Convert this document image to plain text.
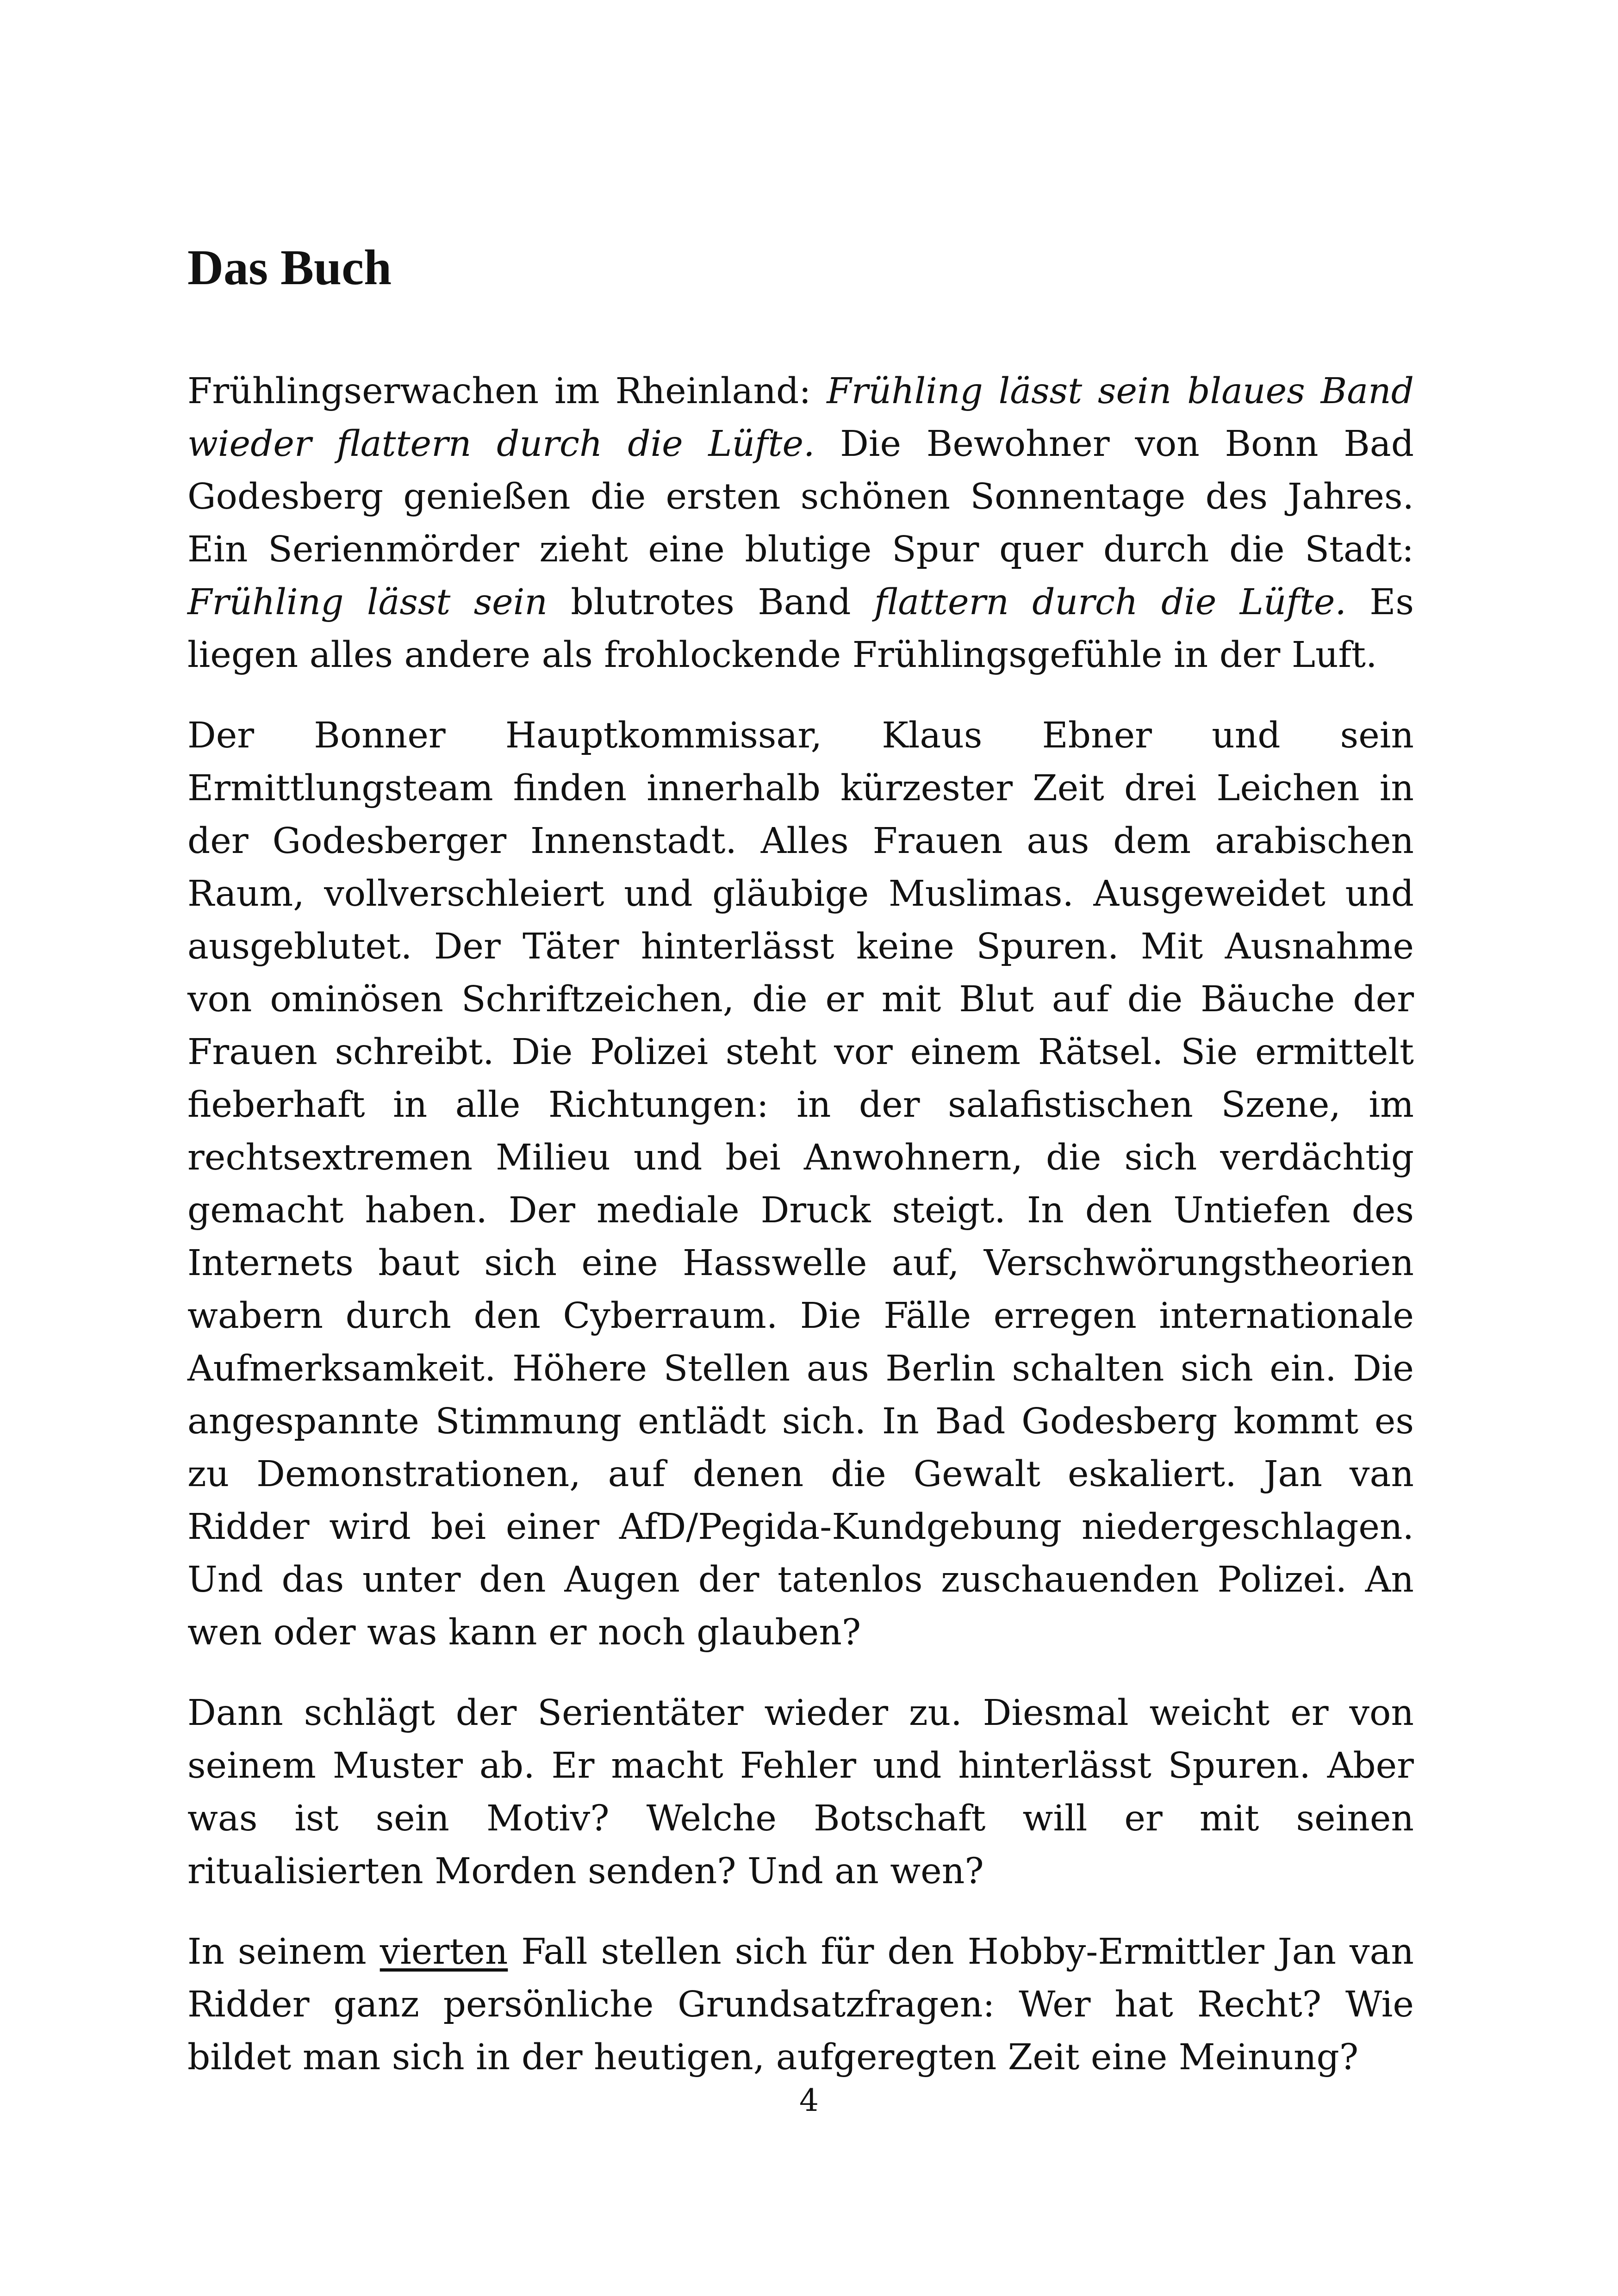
Das Buch

Frühlingserwachen im Rheinland: Frühling lässt sein blaues Band wieder flattern durch die Lüfte. Die Bewohner von Bonn Bad Godesberg genießen die ersten schönen Sonnentage des Jahres. Ein Serienmörder zieht eine blutige Spur quer durch die Stadt: Frühling lässt sein blutrotes Band flattern durch die Lüfte. Es liegen alles andere als frohlockende Frühlingsgefühle in der Luft.

Der Bonner Hauptkommissar, Klaus Ebner und sein Ermittlungsteam finden innerhalb kürzester Zeit drei Leichen in der Godesberger Innenstadt. Alles Frauen aus dem arabischen Raum, vollverschleiert und gläubige Muslimas. Ausgeweidet und ausgeblutet. Der Täter hinterlässt keine Spuren. Mit Ausnahme von ominösen Schriftzeichen, die er mit Blut auf die Bäuche der Frauen schreibt. Die Polizei steht vor einem Rätsel. Sie ermittelt fieberhaft in alle Richtungen: in der salafistischen Szene, im rechtsextremen Milieu und bei Anwohnern, die sich verdächtig gemacht haben. Der mediale Druck steigt. In den Untiefen des Internets baut sich eine Hasswelle auf, Verschwörungstheorien wabern durch den Cyberraum. Die Fälle erregen internationale Aufmerksamkeit. Höhere Stellen aus Berlin schalten sich ein. Die angespannte Stimmung entlädt sich. In Bad Godesberg kommt es zu Demonstrationen, auf denen die Gewalt eskaliert. Jan van Ridder wird bei einer AfD/Pegida-Kundgebung niedergeschlagen. Und das unter den Augen der tatenlos zuschauenden Polizei. An wen oder was kann er noch glauben?

Dann schlägt der Serientäter wieder zu. Diesmal weicht er von seinem Muster ab. Er macht Fehler und hinterlässt Spuren. Aber was ist sein Motiv? Welche Botschaft will er mit seinen ritualisierten Morden senden? Und an wen?

In seinem vierten Fall stellen sich für den Hobby-Ermittler Jan van Ridder ganz persönliche Grundsatzfragen: Wer hat Recht? Wie bildet man sich in der heutigen, aufgeregten Zeit eine Meinung?

4
